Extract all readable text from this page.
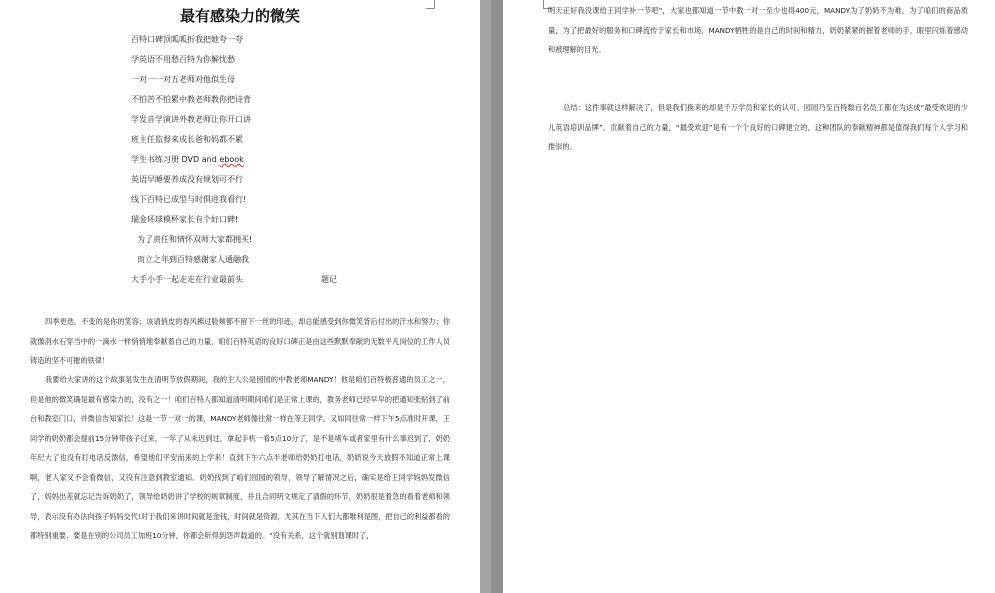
最有感染力的微笑
百特口碑顶呱呱折我把她夸一夸
学英语不用愁百特为你解忧愁
一对一一对五老师对他似生母
不怕苦不怕累中教老师教你把诗背
学发音学演讲外教老师让你开口讲
班主任监督来成长爸和妈都不累
学生书练习册 DVD and ebook
英语早睡要养成没有规划可不行
线下百特已成型与时俱进我看行!
瑞金环球模杯家长有个好口碑!
为了责任和情怀双师大家都拥买!
而立之年到百特感谢家人通融我
大手小手一起走走在行业最前头	题记

四季更迭，不变的是你的笑容；该请俏皮的春风拂过脸颊都不留下一丝的印迹，却总能感受到你微笑背后付出的汗水和努力；你就像涓水石穿当中的一滴水一样悄悄地奉献着自己的力量，咱们百特英语的良好口碑正是由这些默默奉献的无数平凡岗位的工作人员铸造的坚不可摧的铁律！

我要给大家讲的这个故事是发生在清明节放假期间，我的主人公是园园的中教老师MANDY！他是咱们百特极普通的员工之一，但是他的微笑确是最有感染力的，没有之一！咱们百特人都知道清明期间咱们是正常上课的，教务老师已经早早的把通知张贴到了前台和教室门口，并微信告知家长！这是一节一对一的课，MANDY老师像往常一样在等王同学，又如同往常一样下午5点准时开课，王同学的奶奶都会提前15分钟带孩子过来，一年了从未迟到过。拿起手机一看5点10分了，是不是堵车或者家里有什么事迟到了，奶奶年纪大了也没有打电话反馈信，希望他们平安而来的上学来！直到下午六点半老师给奶奶打电话，奶奶说今天放假不知道正常上课啊，老人家又不会看微信，又没有注意到教室通知。奶奶找到了咱们园园的领导，领导了解情况之后，确实是给王同学妈妈发微信了，妈妈出差就忘记告诉奶奶了，领导给奶奶讲了学校的规章制度，并且合同明文规定了请假的环节，奶奶很是着急的看着老师和领导，表示没有办法向孩子妈妈交代!对于我们来讲时间就是金钱，时间就是资源，尤其在当下人们大都唯利是图，把自己的利益都看的都特别重要，要是在别的公司员工加班10分钟，你都会听得到怨声载道的。“没有关系，这个就别划课时了，

明天正好我没课给王同学补一节吧”，大家也都知道一节中教一对一至少也得400元，MANDY为了奶奶不为难，为了咱们的商品质量，为了把最好的服务和口碑流传于家长和市场，MANDY牺牲的是自己的时间和精力，奶奶紧紧的握着老师的手，眼里闪烁着感动和被理解的目光。

总结：这件事就这样解决了，但是我们换来的却是千万学员和家长的认可。园园乃至百特数百名员工都在为达成“最受欢迎的少儿英语培训品牌”，贡献着自己的力量，“最受欢迎”是有一个个良好的口碑建立的，这种团队的奉献精神都是值得我们每个人学习和推崇的。
